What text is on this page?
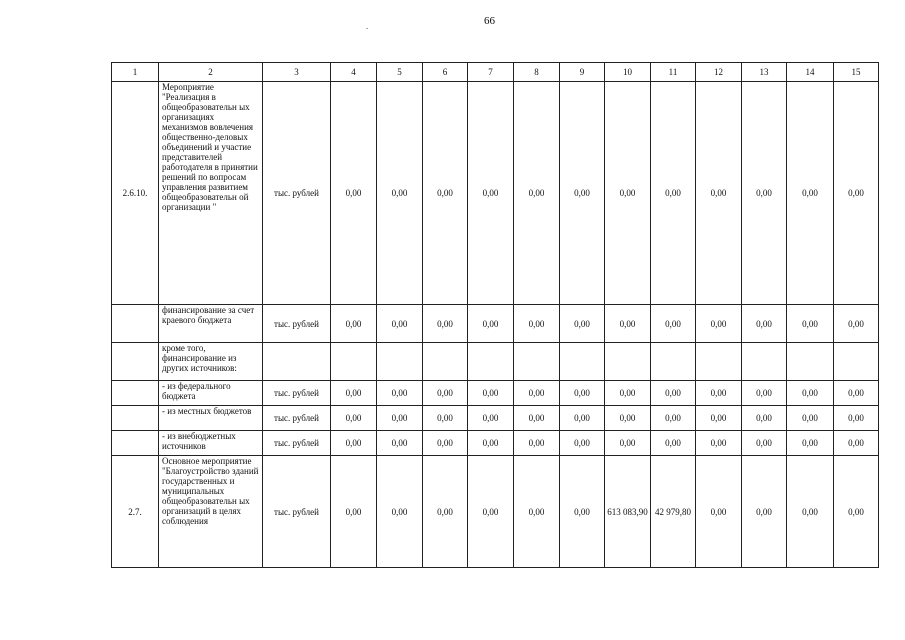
66
.
1	2	3	4	5	6	7	8	9	10	11	12	13	14	15
2.6.10.	Мероприятие "Реализация в общеобразовательн ых организациях механизмов вовлечения общественно-деловых объединений и участие представителей работодателя в принятии решений по вопросам управления развитием общеобразовательн ой организации "	тыс. рублей	0,00	0,00	0,00	0,00	0,00	0,00	0,00	0,00	0,00	0,00	0,00	0,00
	финансирование за счет краевого бюджета	тыс. рублей	0,00	0,00	0,00	0,00	0,00	0,00	0,00	0,00	0,00	0,00	0,00	0,00
	кроме того, финансирование из других источников:													
	- из федерального бюджета	тыс. рублей	0,00	0,00	0,00	0,00	0,00	0,00	0,00	0,00	0,00	0,00	0,00	0,00
	- из местных бюджетов	тыс. рублей	0,00	0,00	0,00	0,00	0,00	0,00	0,00	0,00	0,00	0,00	0,00	0,00
	- из внебюджетных источников	тыс. рублей	0,00	0,00	0,00	0,00	0,00	0,00	0,00	0,00	0,00	0,00	0,00	0,00
2.7.	Основное мероприятие "Благоустройство зданий государственных и муниципальных общеобразовательн ых организаций в целях соблюдения	тыс. рублей	0,00	0,00	0,00	0,00	0,00	0,00	613 083,90	42 979,80	0,00	0,00	0,00	0,00
